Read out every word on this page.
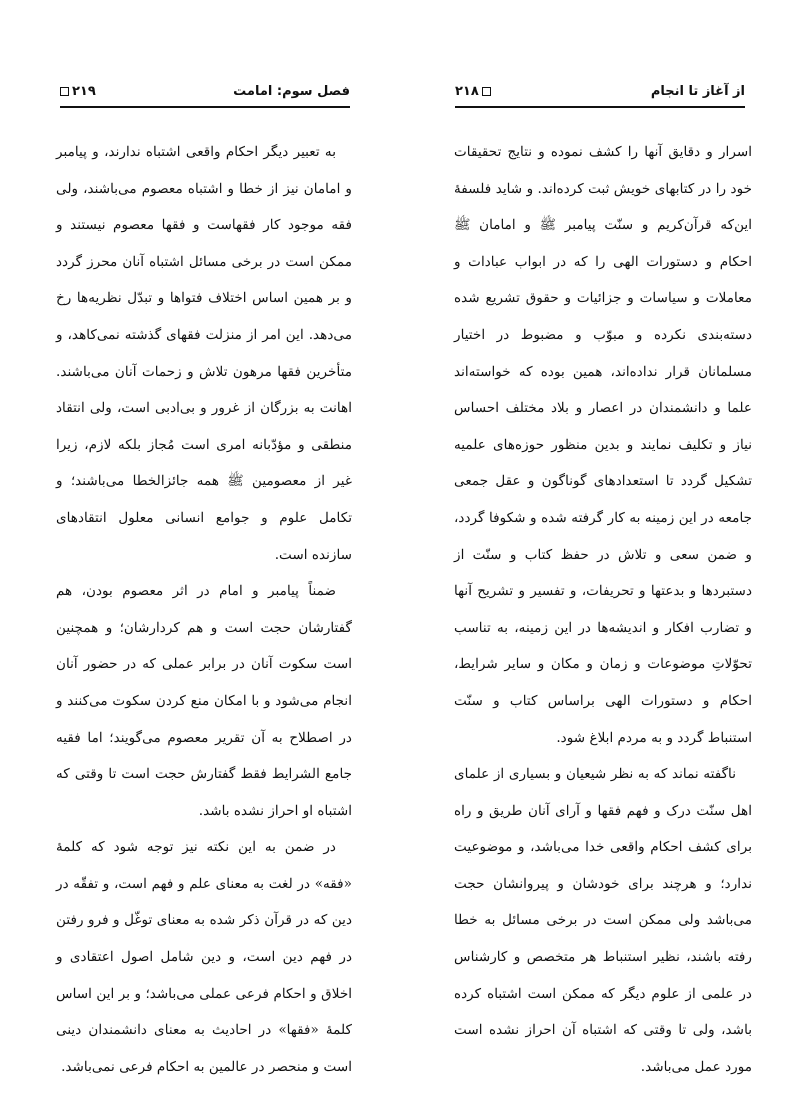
فصل سوم: امامت
۲۱۹

به تعبیر دیگر احکام واقعی اشتباه ندارند، و پیامبر و امامان نیز از خطا و اشتباه معصوم می‌باشند، ولی فقه موجود کار فقهاست و فقها معصوم نیستند و ممکن است در برخی مسائل اشتباه آنان محرز گردد و بر همین اساس اختلاف فتواها و تبدّل نظریه‌ها رخ می‌دهد. این امر از منزلت فقهای گذشته نمی‌کاهد، و متأخرین فقها مرهون تلاش و زحمات آنان می‌باشند. اهانت به بزرگان از غرور و بی‌ادبی است، ولی انتقاد منطقی و مؤدّبانه امری است مُجاز بلکه لازم، زیرا غیر از معصومین ﷺ همه جائزالخطا می‌باشند؛ و تکامل علوم و جوامع انسانی معلول انتقادهای سازنده است.

ضمناً پیامبر و امام در اثر معصوم بودن، هم گفتارشان حجت است و هم کردارشان؛ و همچنین است سکوت آنان در برابر عملی که در حضور آنان انجام می‌شود و با امکان منع کردن سکوت می‌کنند و در اصطلاح به آن تقریر معصوم می‌گویند؛ اما فقیه جامع الشرایط فقط گفتارش حجت است تا وقتی که اشتباه او احراز نشده باشد.

در ضمن به این نکته نیز توجه شود که کلمهٔ «فقه» در لغت به معنای علم و فهم است، و تفقّه در دین که در قرآن ذکر شده به معنای توغّل و فرو رفتن در فهم دین است، و دین شامل اصول اعتقادی و اخلاق و احکام فرعی عملی می‌باشد؛ و بر این اساس کلمهٔ «فقها» در احادیث به معنای دانشمندان دینی است و منحصر در عالمین به احکام فرعی نمی‌باشد.

از آغاز تا انجام
۲۱۸

اسرار و دقایق آنها را کشف نموده و نتایج تحقیقات خود را در کتابهای خویش ثبت کرده‌اند. و شاید فلسفهٔ این‌که قرآن‌کریم و سنّت پیامبر ﷺ و امامان ﷺ احکام و دستورات الهی را که در ابواب عبادات و معاملات و سیاسات و جزائیات و حقوق تشریع شده دسته‌بندی نکرده و مبوّب و مضبوط در اختیار مسلمانان قرار نداده‌اند، همین بوده که خواسته‌اند علما و دانشمندان در اعصار و بلاد مختلف احساس نیاز و تکلیف نمایند و بدین منظور حوزه‌های علمیه تشکیل گردد تا استعدادهای گوناگون و عقل جمعی جامعه در این زمینه به کار گرفته شده و شکوفا گردد، و ضمن سعی و تلاش در حفظ کتاب و سنّت از دستبردها و بدعتها و تحریفات، و تفسیر و تشریح آنها و تضارب افکار و اندیشه‌ها در این زمینه، به تناسب تحوّلاتِ موضوعات و زمان و مکان و سایر شرایط، احکام و دستورات الهی براساس کتاب و سنّت استنباط گردد و به مردم ابلاغ شود.

ناگفته نماند که به نظر شیعیان و بسیاری از علمای اهل سنّت درک و فهم فقها و آرای آنان طریق و راه برای کشف احکام واقعی خدا می‌باشد، و موضوعیت ندارد؛ و هرچند برای خودشان و پیروانشان حجت می‌باشد ولی ممکن است در برخی مسائل به خطا رفته باشند، نظیر استنباط هر متخصص و کارشناس در علمی از علوم دیگر که ممکن است اشتباه کرده باشد، ولی تا وقتی که اشتباه آن احراز نشده است مورد عمل می‌باشد.
